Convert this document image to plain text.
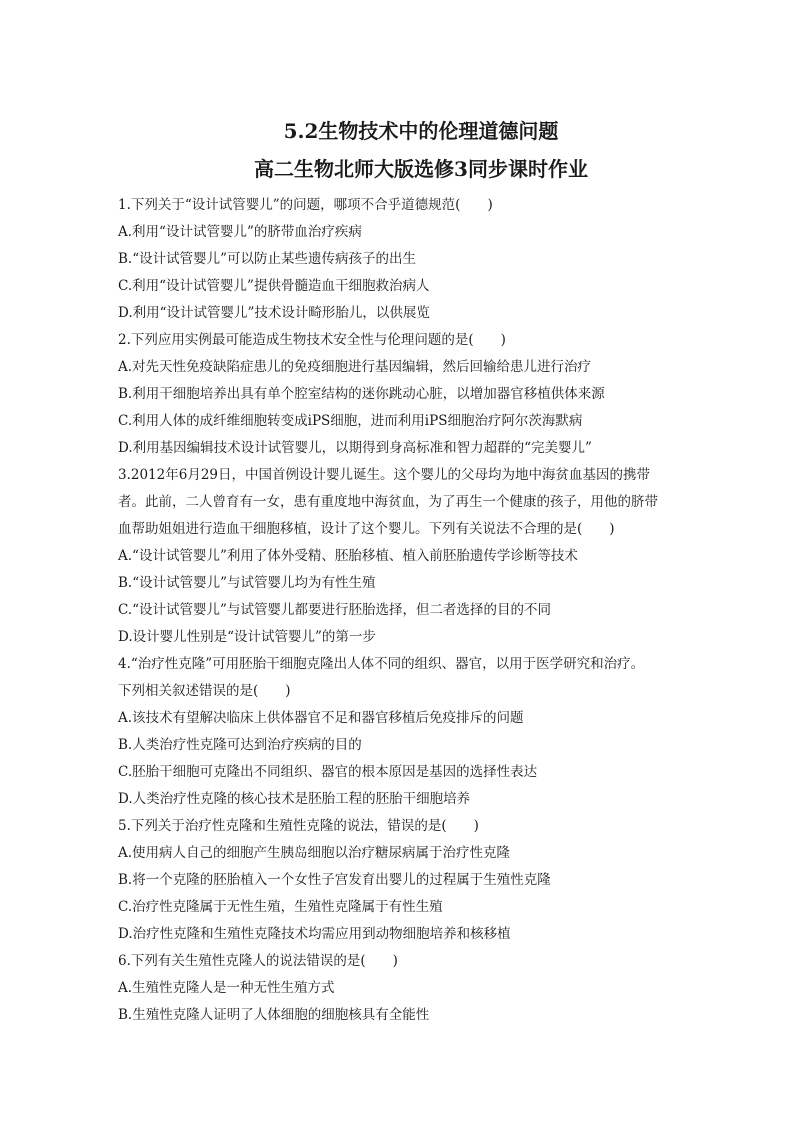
5.2生物技术中的伦理道德问题
高二生物北师大版选修3同步课时作业

1.下列关于“设计试管婴儿”的问题，哪项不合乎道德规范(　　)

A.利用“设计试管婴儿”的脐带血治疗疾病

B.“设计试管婴儿”可以防止某些遗传病孩子的出生

C.利用“设计试管婴儿”提供骨髓造血干细胞救治病人

D.利用“设计试管婴儿”技术设计畸形胎儿，以供展览

2.下列应用实例最可能造成生物技术安全性与伦理问题的是(　　)

A.对先天性免疫缺陷症患儿的免疫细胞进行基因编辑，然后回输给患儿进行治疗

B.利用干细胞培养出具有单个腔室结构的迷你跳动心脏，以增加器官移植供体来源

C.利用人体的成纤维细胞转变成iPS细胞，进而利用iPS细胞治疗阿尔茨海默病

D.利用基因编辑技术设计试管婴儿，以期得到身高标准和智力超群的“完美婴儿”

3.2012年6月29日，中国首例设计婴儿诞生。这个婴儿的父母均为地中海贫血基因的携带

者。此前，二人曾育有一女，患有重度地中海贫血，为了再生一个健康的孩子，用他的脐带

血帮助姐姐进行造血干细胞移植，设计了这个婴儿。下列有关说法不合理的是(　　)

A.“设计试管婴儿”利用了体外受精、胚胎移植、植入前胚胎遗传学诊断等技术

B.“设计试管婴儿”与试管婴儿均为有性生殖

C.“设计试管婴儿”与试管婴儿都要进行胚胎选择，但二者选择的目的不同

D.设计婴儿性别是“设计试管婴儿”的第一步

4.“治疗性克隆”可用胚胎干细胞克隆出人体不同的组织、器官，以用于医学研究和治疗。

下列相关叙述错误的是(　　)

A.该技术有望解决临床上供体器官不足和器官移植后免疫排斥的问题

B.人类治疗性克隆可达到治疗疾病的目的

C.胚胎干细胞可克隆出不同组织、器官的根本原因是基因的选择性表达

D.人类治疗性克隆的核心技术是胚胎工程的胚胎干细胞培养

5.下列关于治疗性克隆和生殖性克隆的说法，错误的是(　　)

A.使用病人自己的细胞产生胰岛细胞以治疗糖尿病属于治疗性克隆

B.将一个克隆的胚胎植入一个女性子宫发育出婴儿的过程属于生殖性克隆

C.治疗性克隆属于无性生殖，生殖性克隆属于有性生殖

D.治疗性克隆和生殖性克隆技术均需应用到动物细胞培养和核移植

6.下列有关生殖性克隆人的说法错误的是(　　)

A.生殖性克隆人是一种无性生殖方式

B.生殖性克隆人证明了人体细胞的细胞核具有全能性
